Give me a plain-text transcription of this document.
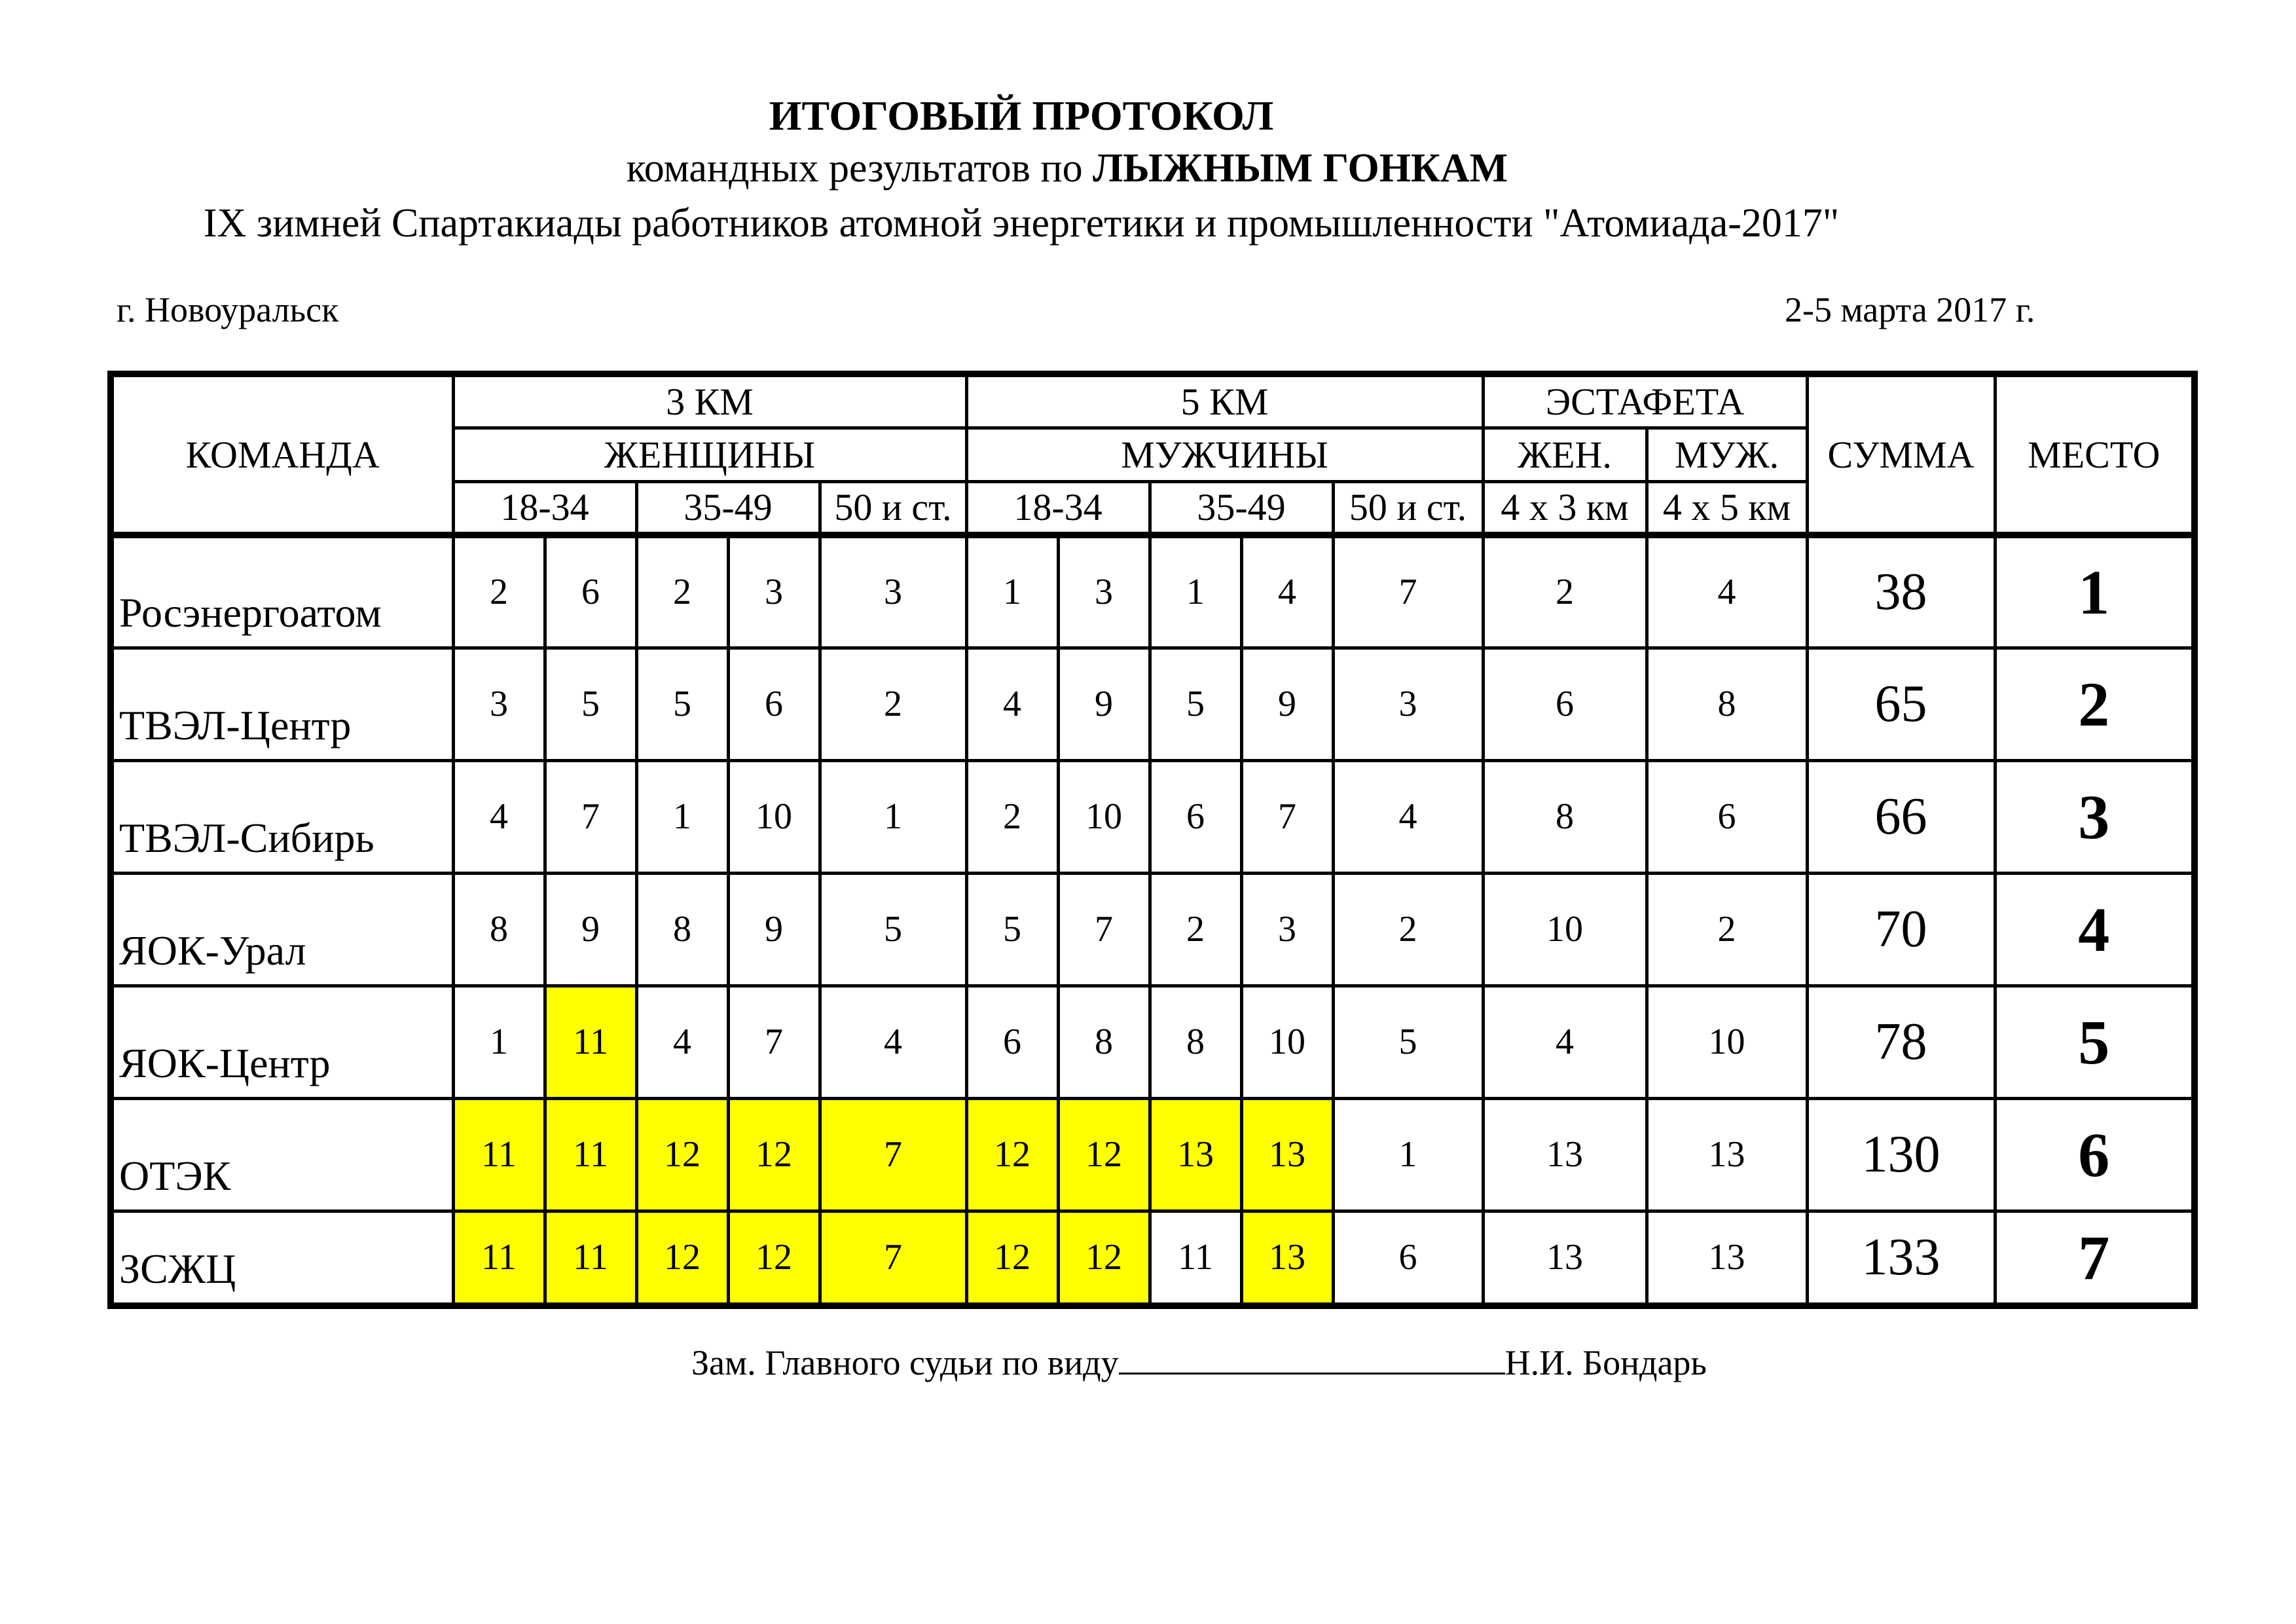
ИТОГОВЫЙ ПРОТОКОЛ
командных результатов по ЛЫЖНЫМ ГОНКАМ
IX зимней Спартакиады работников атомной энергетики и промышленности "Атомиада-2017"
г. Новоуральск	2-5 марта 2017 г.
КОМАНДА	3 КМ					5 КМ					ЭСТАФЕТА		СУММА	МЕСТО
	ЖЕНЩИНЫ					МУЖЧИНЫ					ЖЕН.	МУЖ.		
	18-34		35-49		50 и ст.	18-34		35-49		50 и ст.	4 х 3 км	4 х 5 км		
Росэнергоатом	2	6	2	3	3	1	3	1	4	7	2	4	38	1
ТВЭЛ-Центр	3	5	5	6	2	4	9	5	9	3	6	8	65	2
ТВЭЛ-Сибирь	4	7	1	10	1	2	10	6	7	4	8	6	66	3
ЯОК-Урал	8	9	8	9	5	5	7	2	3	2	10	2	70	4
ЯОК-Центр	1	11	4	7	4	6	8	8	10	5	4	10	78	5
ОТЭК	11	11	12	12	7	12	12	13	13	1	13	13	130	6
ЗСЖЦ	11	11	12	12	7	12	12	11	13	6	13	13	133	7
Зам. Главного судьи по виду	Н.И. Бондарь
